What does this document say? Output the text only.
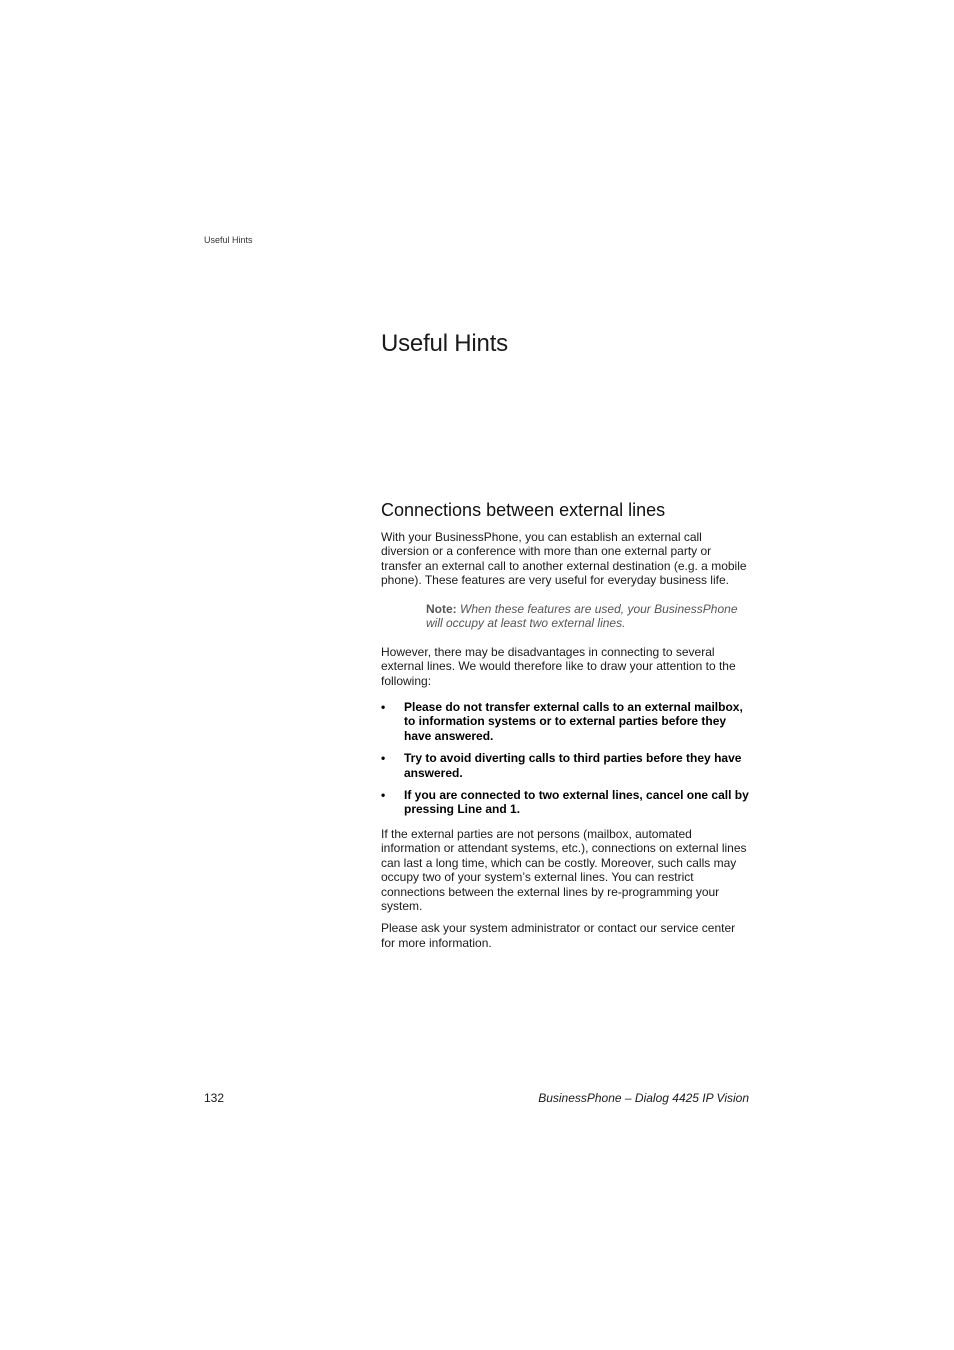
Useful Hints
Useful Hints
Connections between external lines

With your BusinessPhone, you can establish an external call diversion or a conference with more than one external party or transfer an external call to another external destination (e.g. a mobile phone). These features are very useful for everyday business life.

Note: When these features are used, your BusinessPhone will occupy at least two external lines.

However, there may be disadvantages in connecting to several external lines. We would therefore like to draw your attention to the following:

• Please do not transfer external calls to an external mailbox, to information systems or to external parties before they have answered.
• Try to avoid diverting calls to third parties before they have answered.
• If you are connected to two external lines, cancel one call by pressing Line and 1.

If the external parties are not persons (mailbox, automated information or attendant systems, etc.), connections on external lines can last a long time, which can be costly. Moreover, such calls may occupy two of your system’s external lines. You can restrict connections between the external lines by re-programming your system.

Please ask your system administrator or contact our service center for more information.

132	BusinessPhone – Dialog 4425 IP Vision
